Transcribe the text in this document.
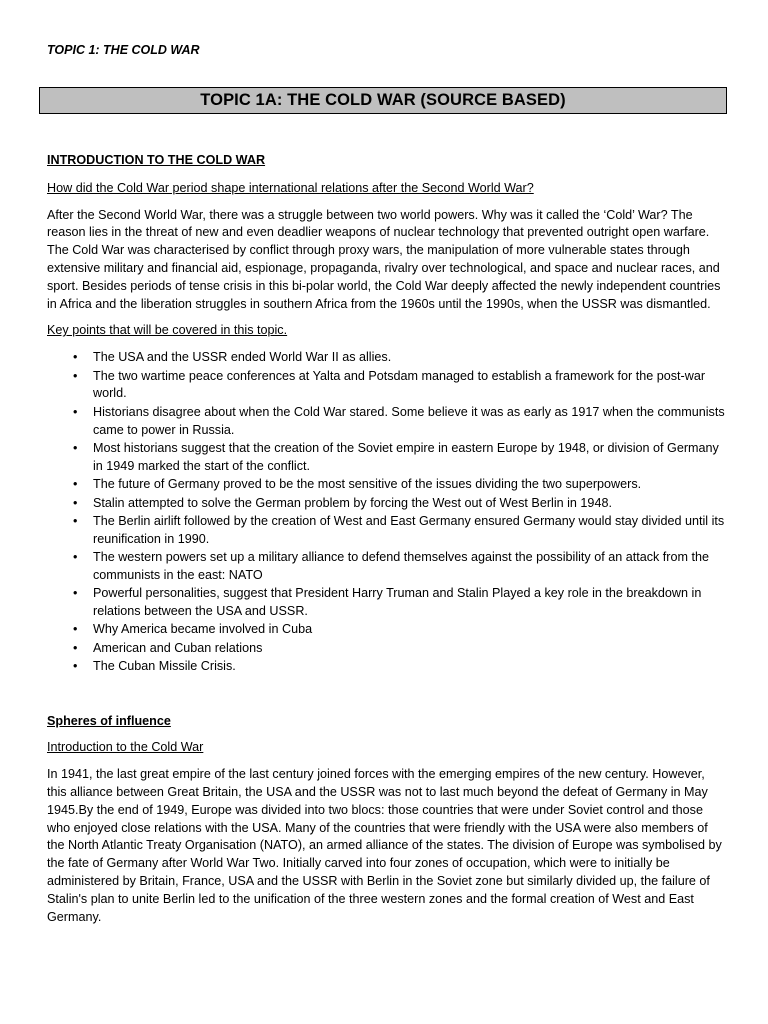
TOPIC 1: THE COLD WAR
TOPIC 1A: THE COLD WAR (SOURCE BASED)

INTRODUCTION TO THE COLD WAR

How did the Cold War period shape international relations after the Second World War?

After the Second World War, there was a struggle between two world powers. Why was it called the ‘Cold’ War? The reason lies in the threat of new and even deadlier weapons of nuclear technology that prevented outright open warfare. The Cold War was characterised by conflict through proxy wars, the manipulation of more vulnerable states through extensive military and financial aid, espionage, propaganda, rivalry over technological, and space and nuclear races, and sport. Besides periods of tense crisis in this bi-polar world, the Cold War deeply affected the newly independent countries in Africa and the liberation struggles in southern Africa from the 1960s until the 1990s, when the USSR was dismantled.

Key points that will be covered in this topic.

• The USA and the USSR ended World War II as allies.
• The two wartime peace conferences at Yalta and Potsdam managed to establish a framework for the post-war world.
• Historians disagree about when the Cold War stared. Some believe it was as early as 1917 when the communists came to power in Russia.
• Most historians suggest that the creation of the Soviet empire in eastern Europe by 1948, or division of Germany in 1949 marked the start of the conflict.
• The future of Germany proved to be the most sensitive of the issues dividing the two superpowers.
• Stalin attempted to solve the German problem by forcing the West out of West Berlin in 1948.
• The Berlin airlift followed by the creation of West and East Germany ensured Germany would stay divided until its reunification in 1990.
• The western powers set up a military alliance to defend themselves against the possibility of an attack from the communists in the east: NATO
• Powerful personalities, suggest that President Harry Truman and Stalin Played a key role in the breakdown in relations between the USA and USSR.
• Why America became involved in Cuba
• American and Cuban relations
• The Cuban Missile Crisis.

Spheres of influence

Introduction to the Cold War

In 1941, the last great empire of the last century joined forces with the emerging empires of the new century. However, this alliance between Great Britain, the USA and the USSR was not to last much beyond the defeat of Germany in May 1945.By the end of 1949, Europe was divided into two blocs: those countries that were under Soviet control and those who enjoyed close relations with the USA. Many of the countries that were friendly with the USA were also members of the North Atlantic Treaty Organisation (NATO), an armed alliance of the states. The division of Europe was symbolised by the fate of Germany after World War Two. Initially carved into four zones of occupation, which were to initially be administered by Britain, France, USA and the USSR with Berlin in the Soviet zone but similarly divided up, the failure of Stalin's plan to unite Berlin led to the unification of the three western zones and the formal creation of West and East Germany.
